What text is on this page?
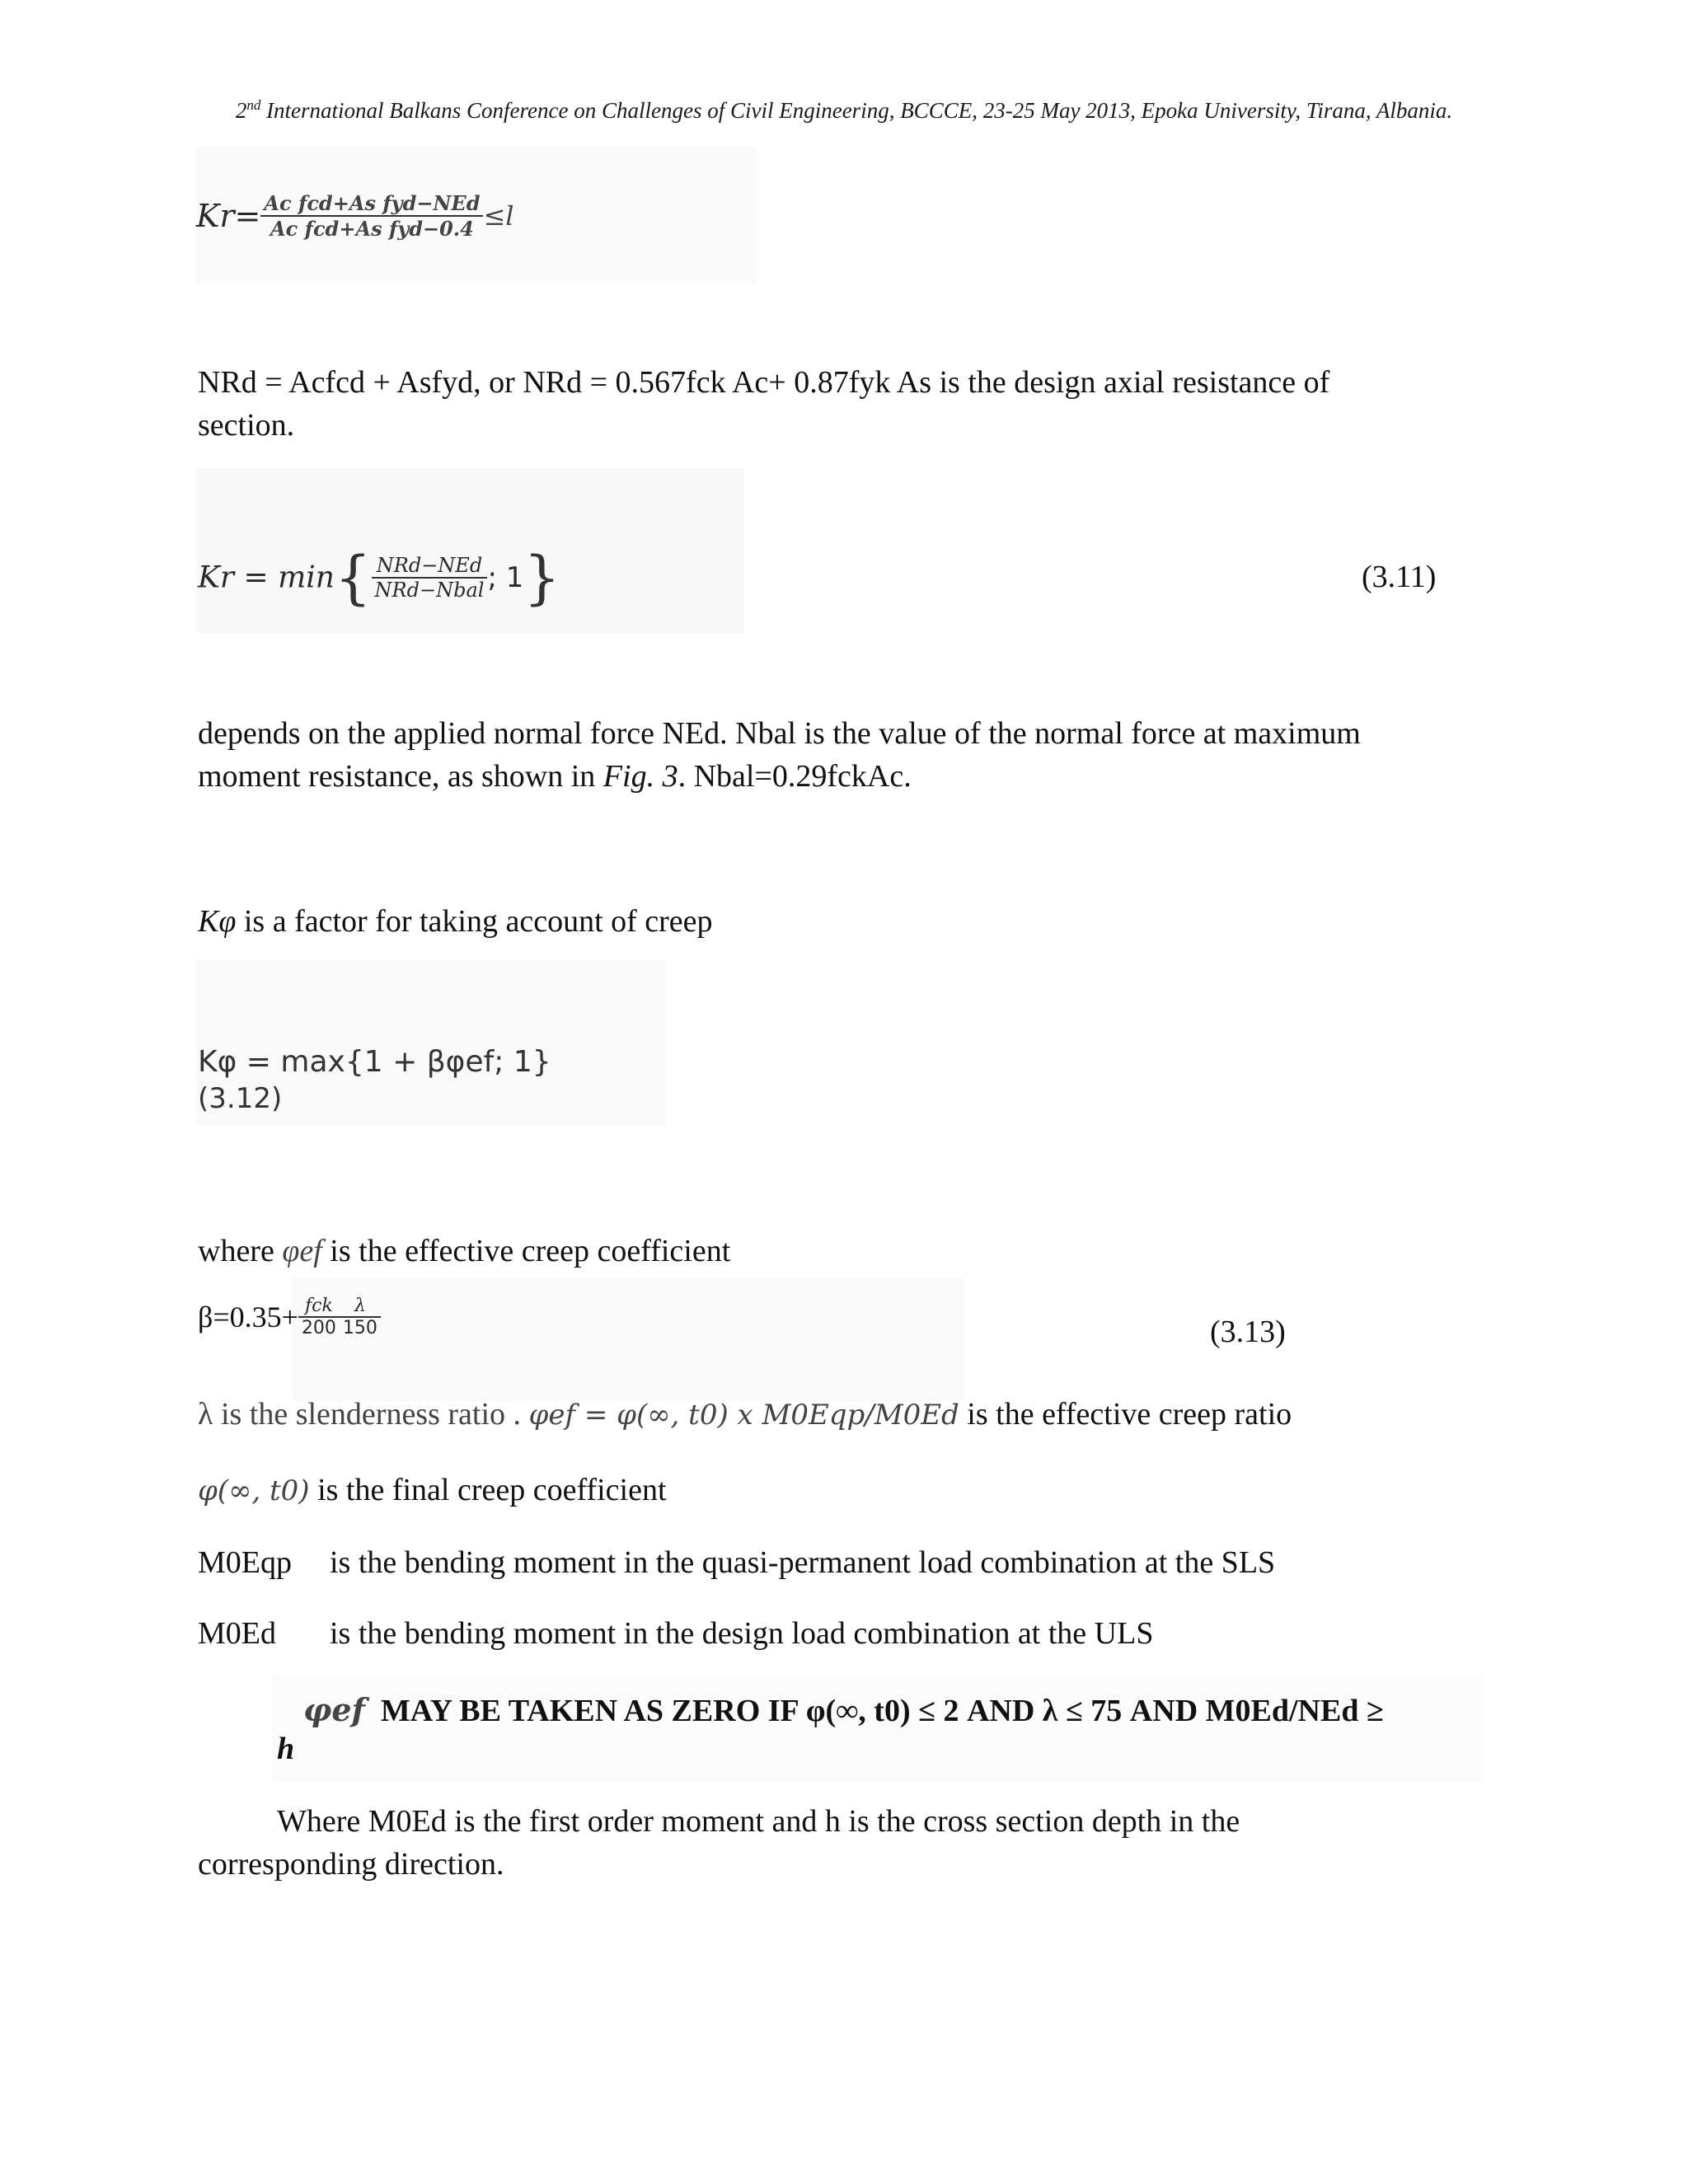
2nd International Balkans Conference on Challenges of Civil Engineering, BCCCE, 23-25 May 2013, Epoka University, Tirana, Albania.
$Kr= \frac{\text{Ac fcd+As fyd−NEd}}{\text{Ac fcd+As fyd−0.4}} \le l$
NRd = Acfcd + Asfyd, or NRd = 0.567fck Ac+ 0.87fyk As is the design axial resistance of
section.
$Kr = \min\{ \frac{\text{NRd−NEd}}{\text{NRd−Nbal}}$ ; 1}	(3.11)
depends on the applied normal force NEd. Nbal is the value of the normal force at maximum
moment resistance, as shown in Fig. 3. Nbal=0.29fckAc.
Kφ is a factor for taking account of creep
Kφ = max{1 + βφef; 1}
(3.12)
where φef is the effective creep coefficient
$\beta=0.35+ \frac{\text{fck}}{200} \frac{\lambda}{150}$	(3.13)
λ is the slenderness ratio . φef = φ(∞, t0) x M0Eqp/M0Ed is the effective creep ratio
φ(∞, t0) is the final creep coefficient
M0Eqp is the bending moment in the quasi-permanent load combination at the SLS
M0Ed is the bending moment in the design load combination at the ULS
φef MAY BE TAKEN AS ZERO IF φ(∞, t0) ≤ 2 AND λ ≤ 75 AND M0Ed/NEd ≥
h
Where M0Ed is the first order moment and h is the cross section depth in the
corresponding direction.
